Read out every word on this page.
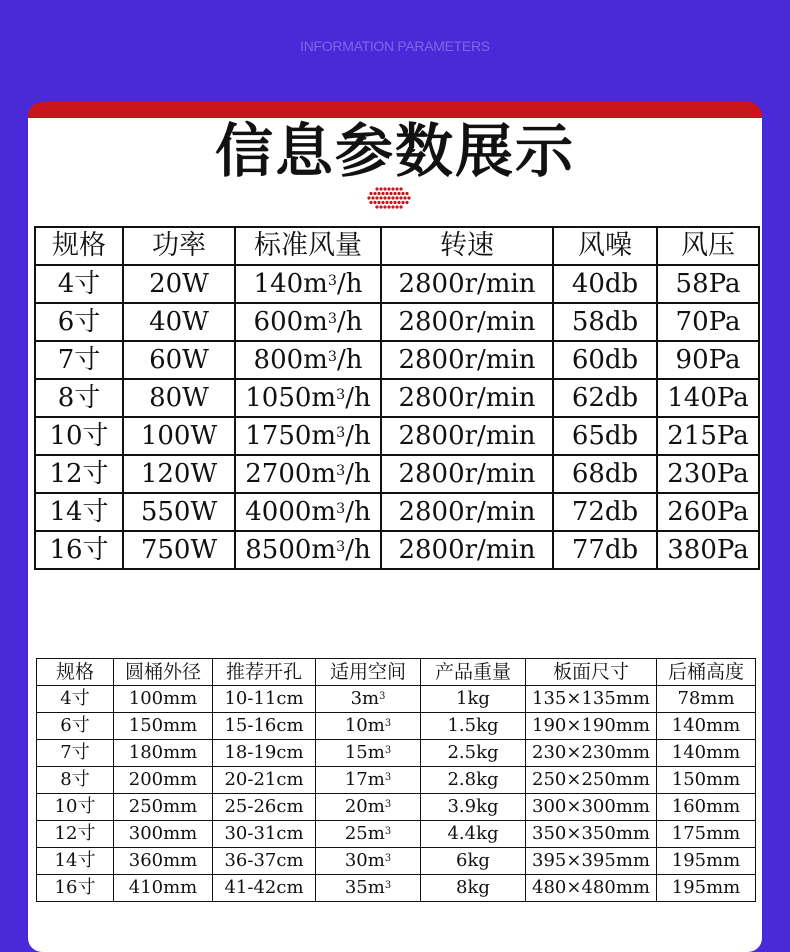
INFORMATION PARAMETERS
信息参数展示
规格	功率	标准风量	转速	风噪	风压
4寸	20W	$140m^3/h$	2800r/min	40db	58Pa
6寸	40W	$600m^3/h$	2800r/min	58db	70Pa
7寸	60W	$800m^3/h$	2800r/min	60db	90Pa
8寸	80W	$1050m^3/h$	2800r/min	62db	140Pa
10寸	100W	$1750m^3/h$	2800r/min	65db	215Pa
12寸	120W	$2700m^3/h$	2800r/min	68db	230Pa
14寸	550W	$4000m^3/h$	2800r/min	72db	260Pa
16寸	750W	$8500m^3/h$	2800r/min	77db	380Pa
规格	圆桶外径	推荐开孔	适用空间	产品重量	板面尺寸	后桶高度
4寸	100mm	10-11cm	$3m^3$	1kg	135×135mm	78mm
6寸	150mm	15-16cm	$10m^3$	1.5kg	190×190mm	140mm
7寸	180mm	18-19cm	$15m^3$	2.5kg	230×230mm	140mm
8寸	200mm	20-21cm	$17m^3$	2.8kg	250×250mm	150mm
10寸	250mm	25-26cm	$20m^3$	3.9kg	300×300mm	160mm
12寸	300mm	30-31cm	$25m^3$	4.4kg	350×350mm	175mm
14寸	360mm	36-37cm	$30m^3$	6kg	395×395mm	195mm
16寸	410mm	41-42cm	$35m^3$	8kg	480×480mm	195mm
